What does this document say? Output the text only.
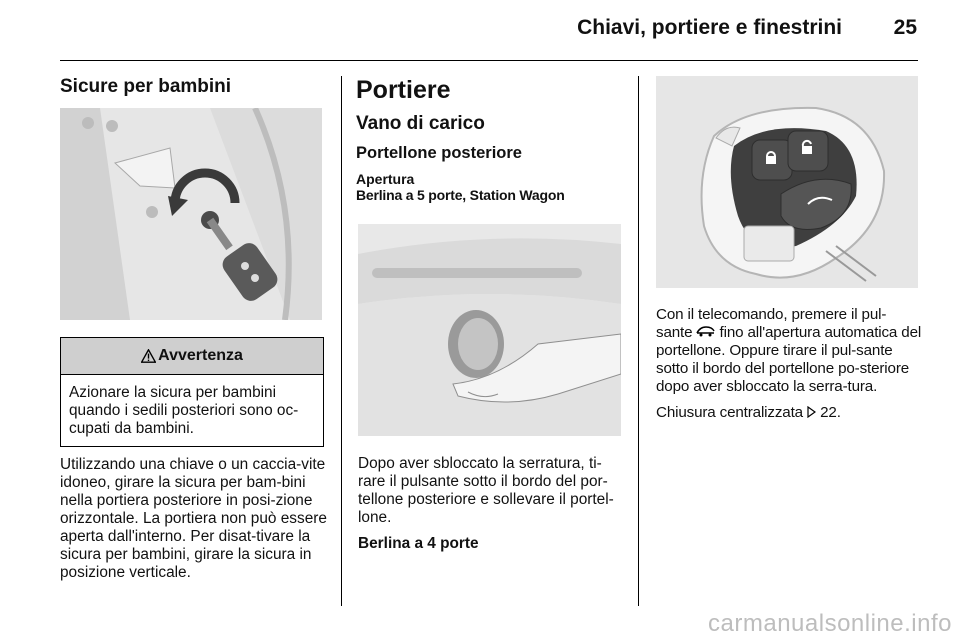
Chiavi, portiere e finestrini 25
Sicure per bambini
Avvertenza
Azionare la sicura per bambini quando i sedili posteriori sono oc-cupati da bambini.

Utilizzando una chiave o un caccia-vite idoneo, girare la sicura per bam-bini nella portiera posteriore in posi-zione orizzontale. La portiera non può essere aperta dall'interno. Per disat-tivare la sicura per bambini, girare la sicura in posizione verticale.

Portiere
Vano di carico
Portellone posteriore
Apertura
Berlina a 5 porte, Station Wagon

Dopo aver sbloccato la serratura, ti-rare il pulsante sotto il bordo del por-tellone posteriore e sollevare il portel-lone.

Berlina a 4 porte

Con il telecomando, premere il pul-sante  fino all'apertura automatica del portellone. Oppure tirare il pul-sante sotto il bordo del portellone po-steriore dopo aver sbloccato la serra-tura.

Chiusura centralizzata  22.

carmanualsonline.info
